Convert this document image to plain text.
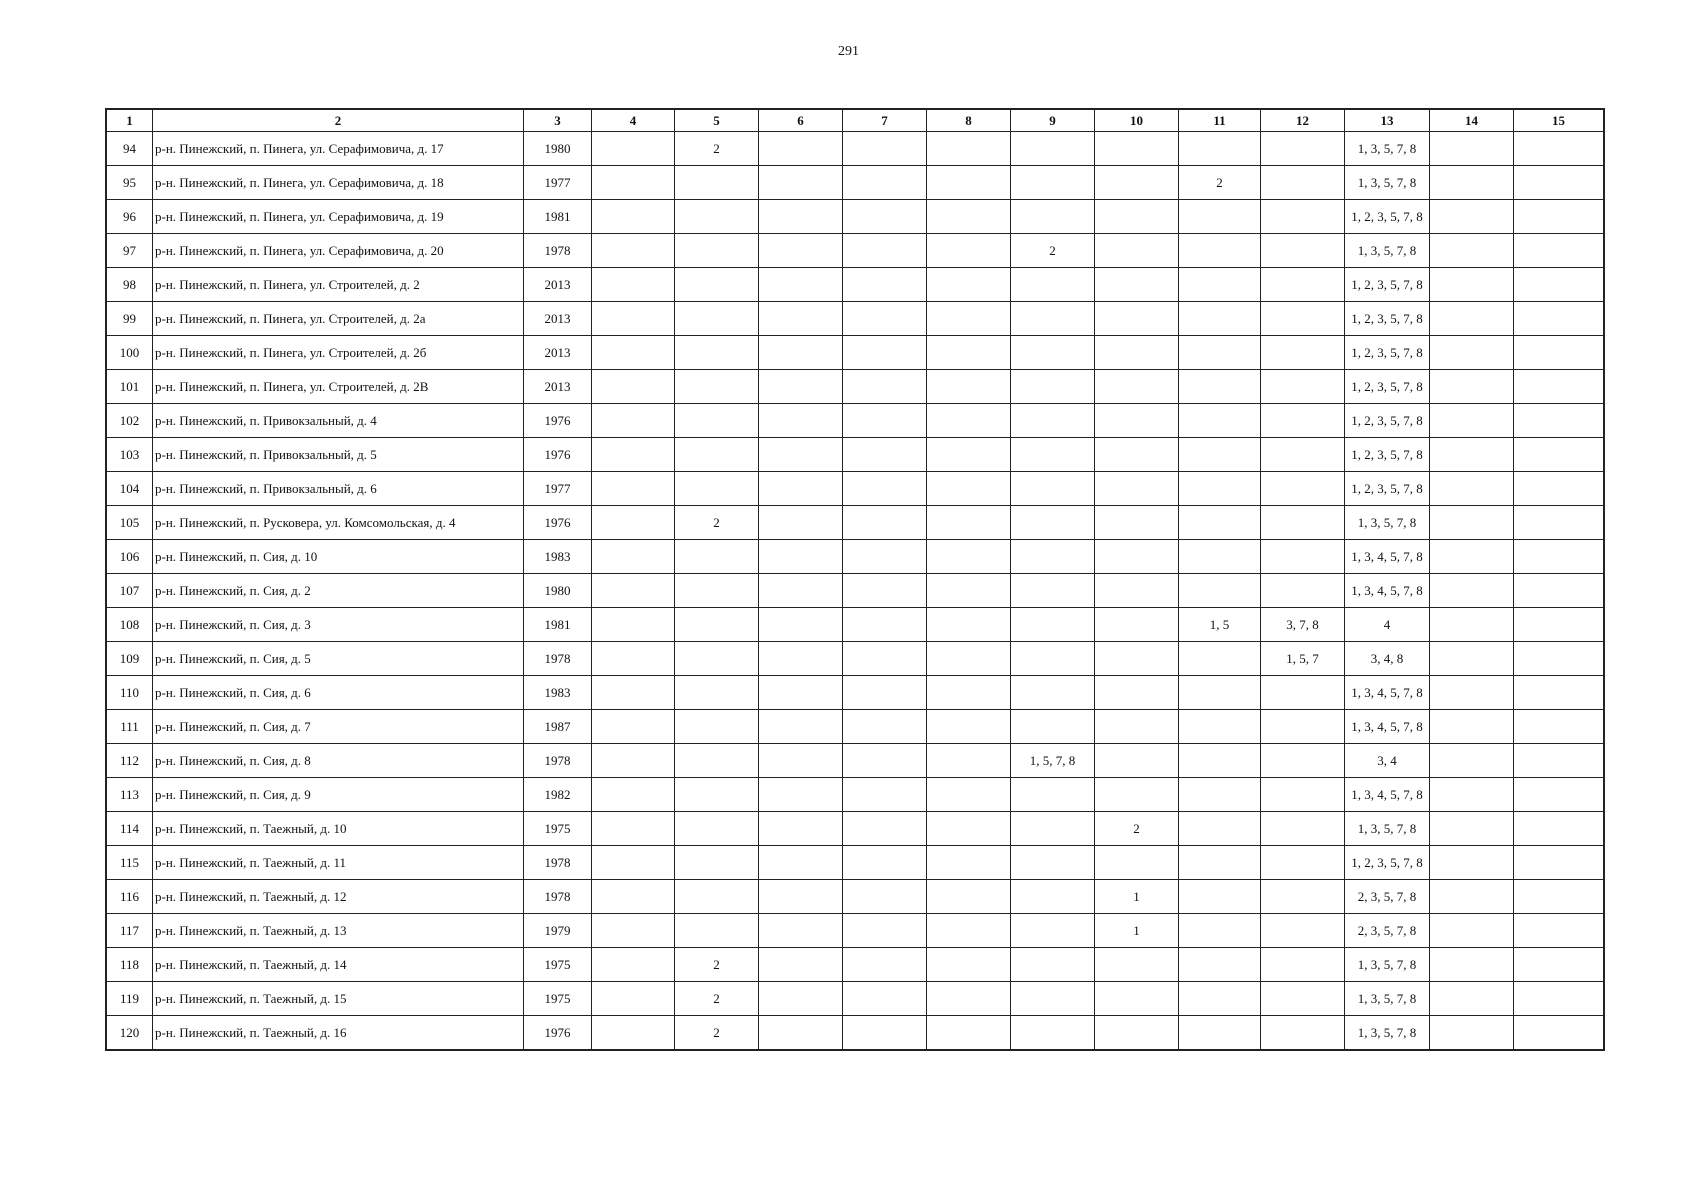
291
1	2	3	4	5	6	7	8	9	10	11	12	13	14	15
94	р-н. Пинежский, п. Пинега, ул. Серафимовича, д. 17	1980		2								1, 3, 5, 7, 8		
95	р-н. Пинежский, п. Пинега, ул. Серафимовича, д. 18	1977								2		1, 3, 5, 7, 8		
96	р-н. Пинежский, п. Пинега, ул. Серафимовича, д. 19	1981										1, 2, 3, 5, 7, 8		
97	р-н. Пинежский, п. Пинега, ул. Серафимовича, д. 20	1978						2				1, 3, 5, 7, 8		
98	р-н. Пинежский, п. Пинега, ул. Строителей, д. 2	2013										1, 2, 3, 5, 7, 8		
99	р-н. Пинежский, п. Пинега, ул. Строителей, д. 2а	2013										1, 2, 3, 5, 7, 8		
100	р-н. Пинежский, п. Пинега, ул. Строителей, д. 2б	2013										1, 2, 3, 5, 7, 8		
101	р-н. Пинежский, п. Пинега, ул. Строителей, д. 2В	2013										1, 2, 3, 5, 7, 8		
102	р-н. Пинежский, п. Привокзальный, д. 4	1976										1, 2, 3, 5, 7, 8		
103	р-н. Пинежский, п. Привокзальный, д. 5	1976										1, 2, 3, 5, 7, 8		
104	р-н. Пинежский, п. Привокзальный, д. 6	1977										1, 2, 3, 5, 7, 8		
105	р-н. Пинежский, п. Русковера, ул. Комсомольская, д. 4	1976		2								1, 3, 5, 7, 8		
106	р-н. Пинежский, п. Сия, д. 10	1983										1, 3, 4, 5, 7, 8		
107	р-н. Пинежский, п. Сия, д. 2	1980										1, 3, 4, 5, 7, 8		
108	р-н. Пинежский, п. Сия, д. 3	1981								1, 5	3, 7, 8	4		
109	р-н. Пинежский, п. Сия, д. 5	1978									1, 5, 7	3, 4, 8		
110	р-н. Пинежский, п. Сия, д. 6	1983										1, 3, 4, 5, 7, 8		
111	р-н. Пинежский, п. Сия, д. 7	1987										1, 3, 4, 5, 7, 8		
112	р-н. Пинежский, п. Сия, д. 8	1978						1, 5, 7, 8				3, 4		
113	р-н. Пинежский, п. Сия, д. 9	1982										1, 3, 4, 5, 7, 8		
114	р-н. Пинежский, п. Таежный, д. 10	1975							2			1, 3, 5, 7, 8		
115	р-н. Пинежский, п. Таежный, д. 11	1978										1, 2, 3, 5, 7, 8		
116	р-н. Пинежский, п. Таежный, д. 12	1978							1			2, 3, 5, 7, 8		
117	р-н. Пинежский, п. Таежный, д. 13	1979							1			2, 3, 5, 7, 8		
118	р-н. Пинежский, п. Таежный, д. 14	1975		2								1, 3, 5, 7, 8		
119	р-н. Пинежский, п. Таежный, д. 15	1975		2								1, 3, 5, 7, 8		
120	р-н. Пинежский, п. Таежный, д. 16	1976		2								1, 3, 5, 7, 8		
